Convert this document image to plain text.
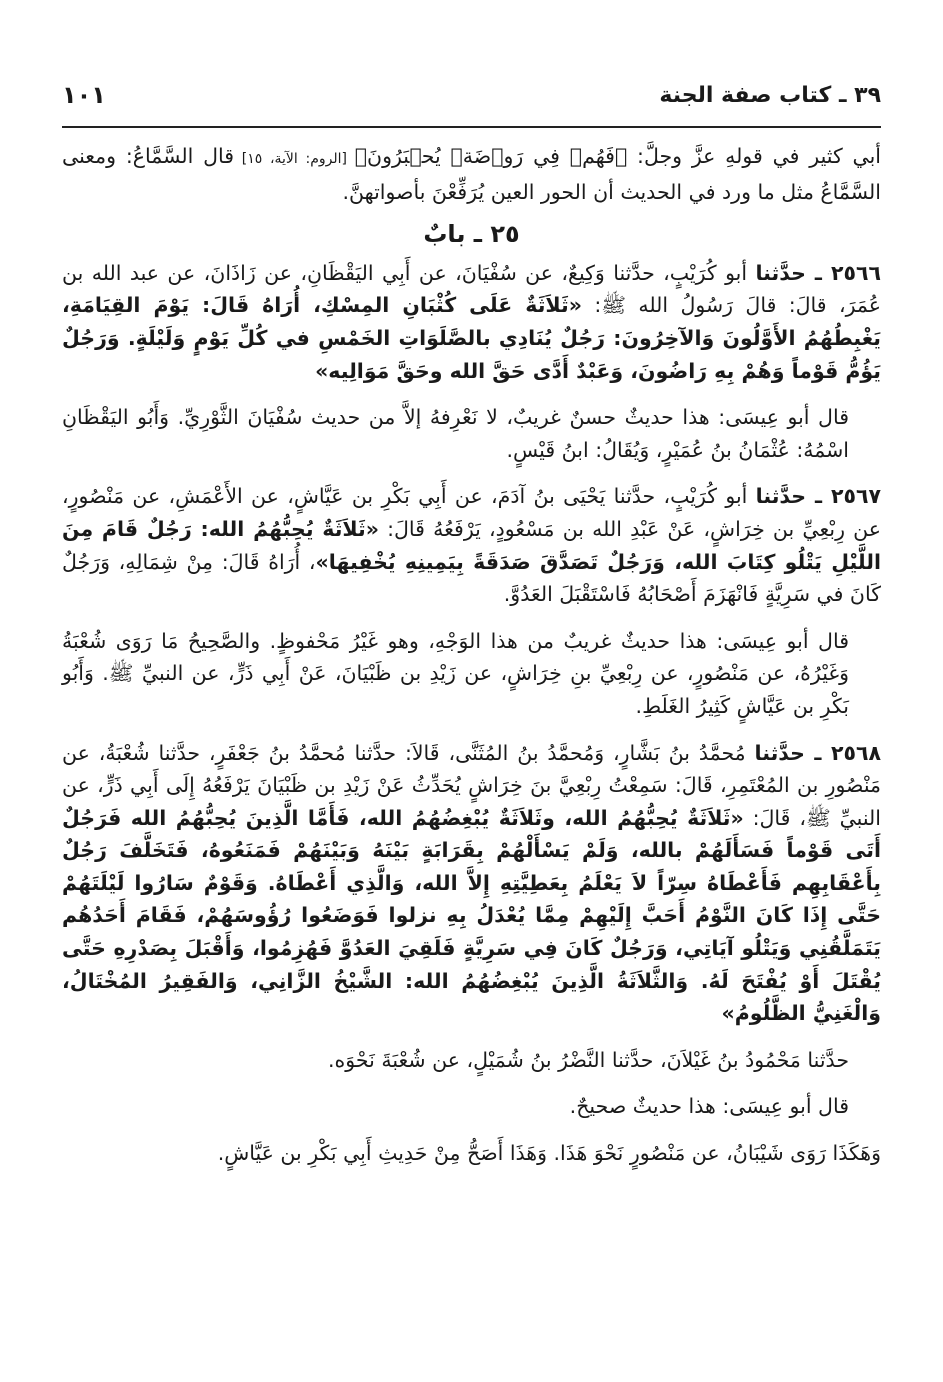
٣٩ ـ كتاب صفة الجنة
١٠١

أبي كثير في قولهِ عزَّ وجلَّ: ﴿فَهُمۡ فِي رَوۡضَةٖ يُحۡبَرُونَ﴾ [الروم: الآية، ١٥] قال السَّمَّاعُ: ومعنى السَّمَّاعُ مثل ما ورد في الحديث أن الحور العين يُرَفِّعْنَ بأصواتهنَّ.

٢٥ ـ بابٌ

٢٥٦٦ ـ حدَّثنا أبو كُرَيْبٍ، حدَّثنا وَكِيعٌ، عن سُفْيَانَ، عن أَبِي اليَقْظَانِ، عن زَاذَانَ، عن عبد الله بن عُمَرَ، قالَ: قالَ رَسُولُ الله ﷺ: «ثَلاَثَةٌ عَلَى كُثْبَانِ المِسْكِ، أُرَاهُ قَالَ: يَوْمَ القِيَامَةِ، يَغْبِطُهُمُ الأَوَّلُونَ وَالآخِرُونَ: رَجُلٌ يُنَادِي بالصَّلَوَاتِ الخَمْسِ في كُلِّ يَوْمٍ وَلَيْلَةٍ. وَرَجُلٌ يَؤُمُّ قَوْماً وَهُمْ بِهِ رَاضُونَ، وَعَبْدٌ أَدَّى حَقَّ الله وحَقَّ مَوَالِيه»

قال أبو عِيسَى: هذا حديثٌ حسنٌ غريبٌ، لا نَعْرِفهُ إلاَّ من حديث سُفْيَانَ الثَّوْرِيِّ. وَأَبُو اليَقْظَانِ اسْمُهُ: عُثْمَانُ بنُ عُمَيْرٍ، وَيُقَالُ: ابنُ قَيْسٍ.

٢٥٦٧ ـ حدَّثنا أبو كُرَيْبٍ، حدَّثنا يَحْيَى بنُ آدَمَ، عن أَبِي بَكْرِ بن عَيَّاشٍ، عن الأَعْمَشِ، عن مَنْصُورٍ، عن رِبْعِيِّ بن خِرَاشٍ، عَنْ عَبْدِ الله بن مَسْعُودٍ، يَرْفَعُهُ قَالَ: «ثَلاَثَةٌ يُحِبُّهُمُ الله: رَجُلٌ قَامَ مِنَ اللَّيْلِ يَتْلُو كِتَابَ الله، وَرَجُلٌ تَصَدَّقَ صَدَقَةً بِيَمِينِهِ يُخْفِيهَا»، أُرَاهُ قَالَ: مِنْ شِمَالِهِ، وَرَجُلٌ كَانَ في سَرِيَّةٍ فَانْهَزَمَ أَصْحَابُهُ فَاسْتَقْبَلَ العَدُوَّ.

قال أبو عِيسَى: هذا حديثٌ غريبٌ من هذا الوَجْهِ، وهو غَيْرُ مَحْفوظٍ. والصَّحِيحُ مَا رَوَى شُعْبَةُ وَغَيْرُهُ، عن مَنْصُورٍ، عن رِبْعِيِّ بنِ خِرَاشٍ، عن زَيْدِ بن ظَبْيَانَ، عَنْ أَبِي ذَرٍّ، عن النبيِّ ﷺ. وَأَبُو بَكْرِ بن عَيَّاشٍ كَثِيرُ الغَلَطِ.

٢٥٦٨ ـ حدَّثنا مُحمَّدُ بنُ بَشَّارٍ، وَمُحمَّدُ بنُ المُثَنَّى، قَالاَ: حدَّثنا مُحمَّدُ بنُ جَعْفَرٍ، حدَّثنا شُعْبَةُ، عن مَنْصُورِ بن المُعْتَمِرِ، قَالَ: سَمِعْتُ رِبْعِيَّ بنَ خِرَاشٍ يُحَدِّثُ عَنْ زَيْدِ بن ظَبْيَانَ يَرْفَعُهُ إِلَى أَبِي ذَرٍّ، عن النبيِّ ﷺ، قَالَ: «ثَلاَثَةٌ يُحِبُّهُمُ الله، وثَلاَثَةٌ يُبْغِضُهُمُ الله، فَأَمَّا الَّذِينَ يُحِبُّهُمُ الله فَرَجُلٌ أَتَى قَوْماً فَسَأَلَهُمْ بالله، وَلَمْ يَسْأَلْهُمْ بِقَرَابَةٍ بَيْنَهُ وَبَيْنَهُمْ فَمَنَعُوهُ، فَتَخَلَّفَ رَجُلٌ بِأَعْقَابِهِم فَأَعْطَاهُ سِرّاً لاَ يَعْلَمُ بِعَطِيَّتِهِ إِلاَّ الله، وَالَّذِي أَعْطَاهُ. وَقَوْمٌ سَارُوا لَيْلَتَهُمْ حَتَّى إِذَا كَانَ النَّوْمُ أَحَبَّ إِلَيْهِمْ مِمَّا يُعْدَلُ بِهِ نزلوا فَوَضَعُوا رُؤُوسَهُمْ، فَقَامَ أَحَدُهُم يَتَمَلَّقُنِي وَيَتْلُو آيَاتِي، وَرَجُلٌ كَانَ فِي سَرِيَّةٍ فَلَقِيَ العَدُوَّ فَهُزِمُوا، وَأَقْبَلَ بِصَدْرِهِ حَتَّى يُقْتَلَ أَوْ يُفْتَحَ لَهُ. وَالثَّلاَثَةُ الَّذِينَ يُبْغِضُهُمُ الله: الشَّيْخُ الزَّانِي، وَالفَقِيرُ المُخْتَالُ، وَالْغَنِيُّ الظَّلُومُ»

حدَّثنا مَحْمُودُ بنُ غَيْلاَنَ، حدَّثنا النَّضْرُ بنُ شُمَيْلٍ، عن شُعْبَةَ نَحْوَه.

قال أبو عِيسَى: هذا حديثٌ صحيحٌ.

وَهَكَذَا رَوَى شَيْبَانُ، عن مَنْصُورٍ نَحْوَ هَذَا. وَهَذَا أَصَحُّ مِنْ حَدِيثِ أَبِي بَكْرِ بن عَيَّاشٍ.
